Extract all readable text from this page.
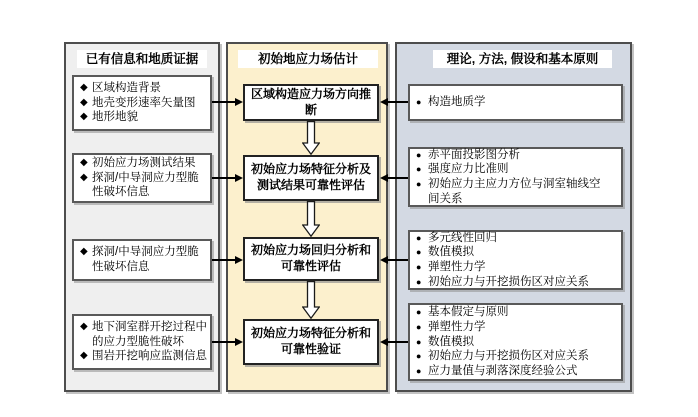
已有信息和地质证据	初始地应力场估计	理论, 方法, 假设和基本原则
◆ 区域构造背景
◆ 地壳变形速率矢量图
◆ 地形地貌
◆ 初始应力场测试结果
◆ 探洞/中导洞应力型脆性破坏信息
◆ 探洞/中导洞应力型脆性破坏信息
◆ 地下洞室群开挖过程中的应力型脆性破坏
◆ 围岩开挖响应监测信息
区域构造应力场方向推断
初始应力场特征分析及测试结果可靠性评估
初始应力场回归分析和可靠性评估
初始应力场特征分析和可靠性验证
● 构造地质学
● 赤平面投影图分析
● 强度应力比准则
● 初始应力主应力方位与洞室轴线空间关系
● 多元线性回归
● 数值模拟
● 弹塑性力学
● 初始应力与开挖损伤区对应关系
● 基本假定与原则
● 弹塑性力学
● 数值模拟
● 初始应力与开挖损伤区对应关系
● 应力量值与剥落深度经验公式
